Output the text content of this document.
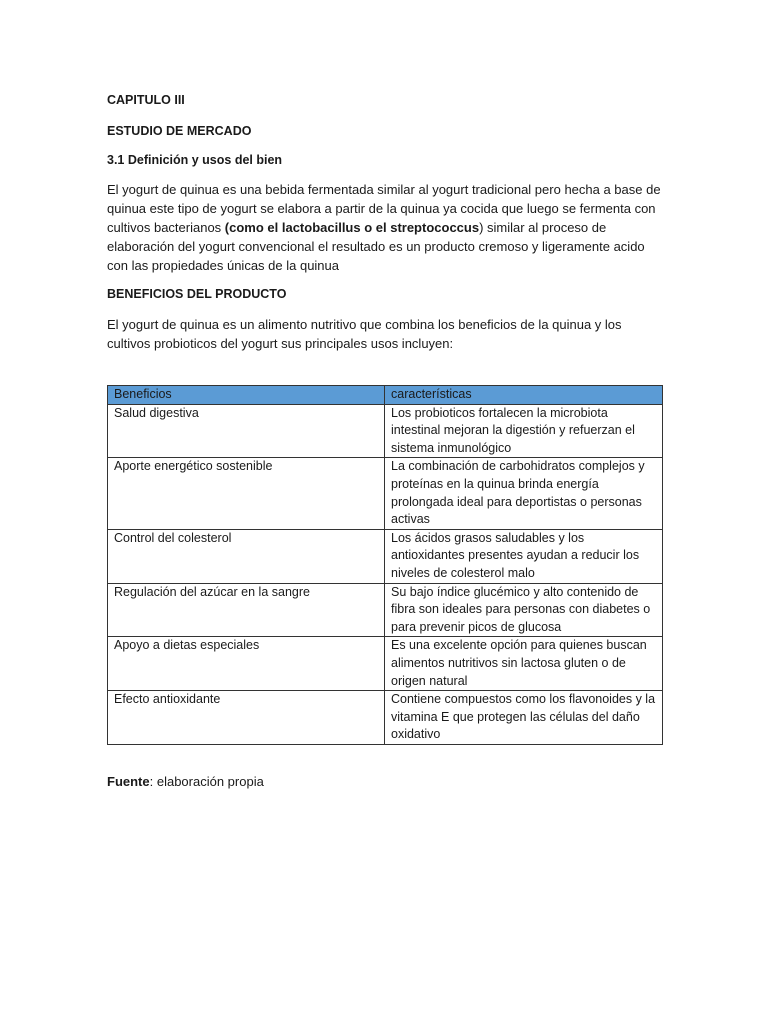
CAPITULO III

ESTUDIO DE MERCADO

3.1 Definición y usos del bien

El yogurt de quinua es una bebida fermentada similar al yogurt tradicional pero hecha a base de quinua este tipo de yogurt se elabora a partir de la quinua ya cocida que luego se fermenta con cultivos bacterianos (como el lactobacillus o el streptococcus) similar al proceso de elaboración del yogurt convencional el resultado es un producto cremoso y ligeramente acido con las propiedades únicas de la quinua

BENEFICIOS DEL PRODUCTO

El yogurt de quinua es un alimento nutritivo que combina los beneficios de la quinua y los cultivos probioticos del yogurt sus principales usos incluyen:

Beneficios	características
Salud digestiva	Los probioticos fortalecen la microbiota intestinal mejoran la digestión y refuerzan el sistema inmunológico
Aporte energético sostenible	La combinación de carbohidratos complejos y proteínas en la quinua brinda energía prolongada ideal para deportistas o personas activas
Control del colesterol	Los ácidos grasos saludables y los antioxidantes presentes ayudan a reducir los niveles de colesterol malo
Regulación del azúcar en la sangre	Su bajo índice glucémico y alto contenido de fibra son ideales para personas con diabetes o para prevenir picos de glucosa
Apoyo a dietas especiales	Es una excelente opción para quienes buscan alimentos nutritivos sin lactosa gluten o de origen natural
Efecto antioxidante	Contiene compuestos como los flavonoides y la vitamina E que protegen las células del daño oxidativo

Fuente: elaboración propia
